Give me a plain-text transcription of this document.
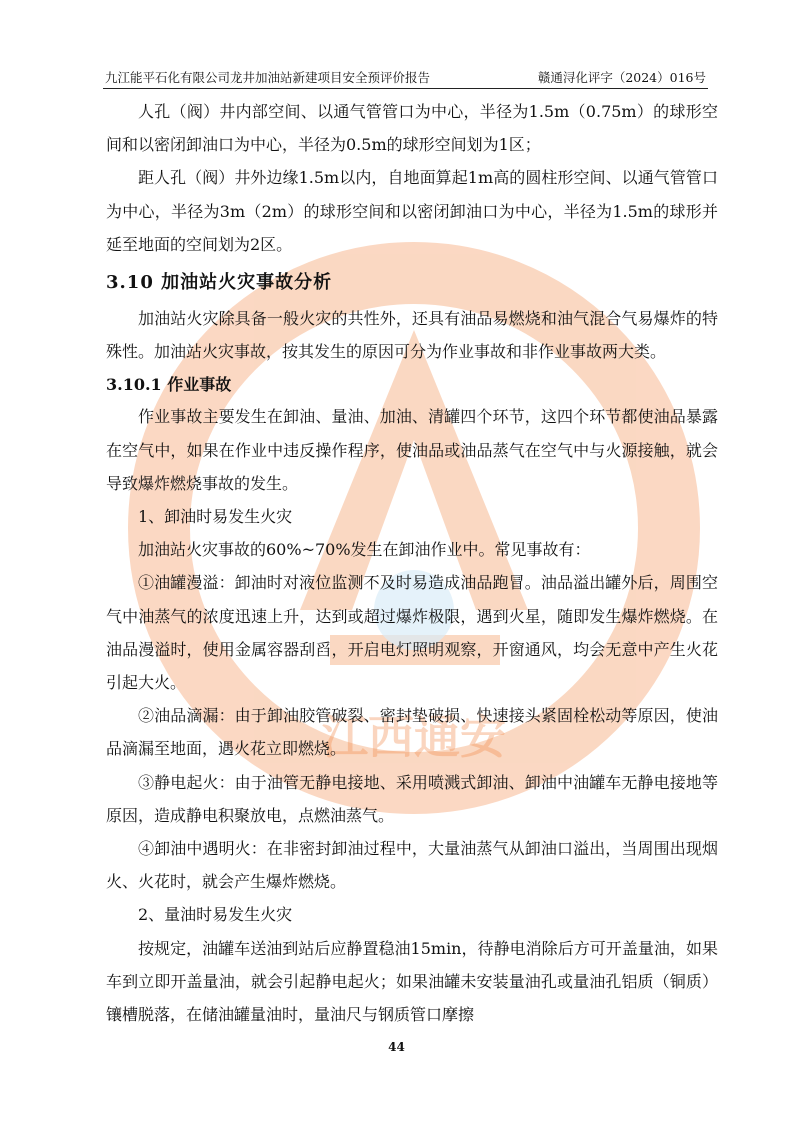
江西通安
九江能平石化有限公司龙井加油站新建项目安全预评价报告	赣通浔化评字（2024）016号

人孔（阀）井内部空间、以通气管管口为中心，半径为1.5m（0.75m）的球形空间和以密闭卸油口为中心，半径为0.5m的球形空间划为1区；

距人孔（阀）井外边缘1.5m以内，自地面算起1m高的圆柱形空间、以通气管管口为中心，半径为3m（2m）的球形空间和以密闭卸油口为中心，半径为1.5m的球形并延至地面的空间划为2区。

3.10 加油站火灾事故分析

加油站火灾除具备一般火灾的共性外，还具有油品易燃烧和油气混合气易爆炸的特殊性。加油站火灾事故，按其发生的原因可分为作业事故和非作业事故两大类。

3.10.1 作业事故

作业事故主要发生在卸油、量油、加油、清罐四个环节，这四个环节都使油品暴露在空气中，如果在作业中违反操作程序，使油品或油品蒸气在空气中与火源接触，就会导致爆炸燃烧事故的发生。

1、卸油时易发生火灾

加油站火灾事故的60%~70%发生在卸油作业中。常见事故有：

①油罐漫溢：卸油时对液位监测不及时易造成油品跑冒。油品溢出罐外后，周围空气中油蒸气的浓度迅速上升，达到或超过爆炸极限，遇到火星，随即发生爆炸燃烧。在油品漫溢时，使用金属容器刮舀，开启电灯照明观察，开窗通风，均会无意中产生火花引起大火。

②油品滴漏：由于卸油胶管破裂、密封垫破损、快速接头紧固栓松动等原因，使油品滴漏至地面，遇火花立即燃烧。

③静电起火：由于油管无静电接地、采用喷溅式卸油、卸油中油罐车无静电接地等原因，造成静电积聚放电，点燃油蒸气。

④卸油中遇明火：在非密封卸油过程中，大量油蒸气从卸油口溢出，当周围出现烟火、火花时，就会产生爆炸燃烧。

2、量油时易发生火灾

按规定，油罐车送油到站后应静置稳油15min，待静电消除后方可开盖量油，如果车到立即开盖量油，就会引起静电起火；如果油罐未安装量油孔或量油孔铝质（铜质）镶槽脱落，在储油罐量油时，量油尺与钢质管口摩擦

44
